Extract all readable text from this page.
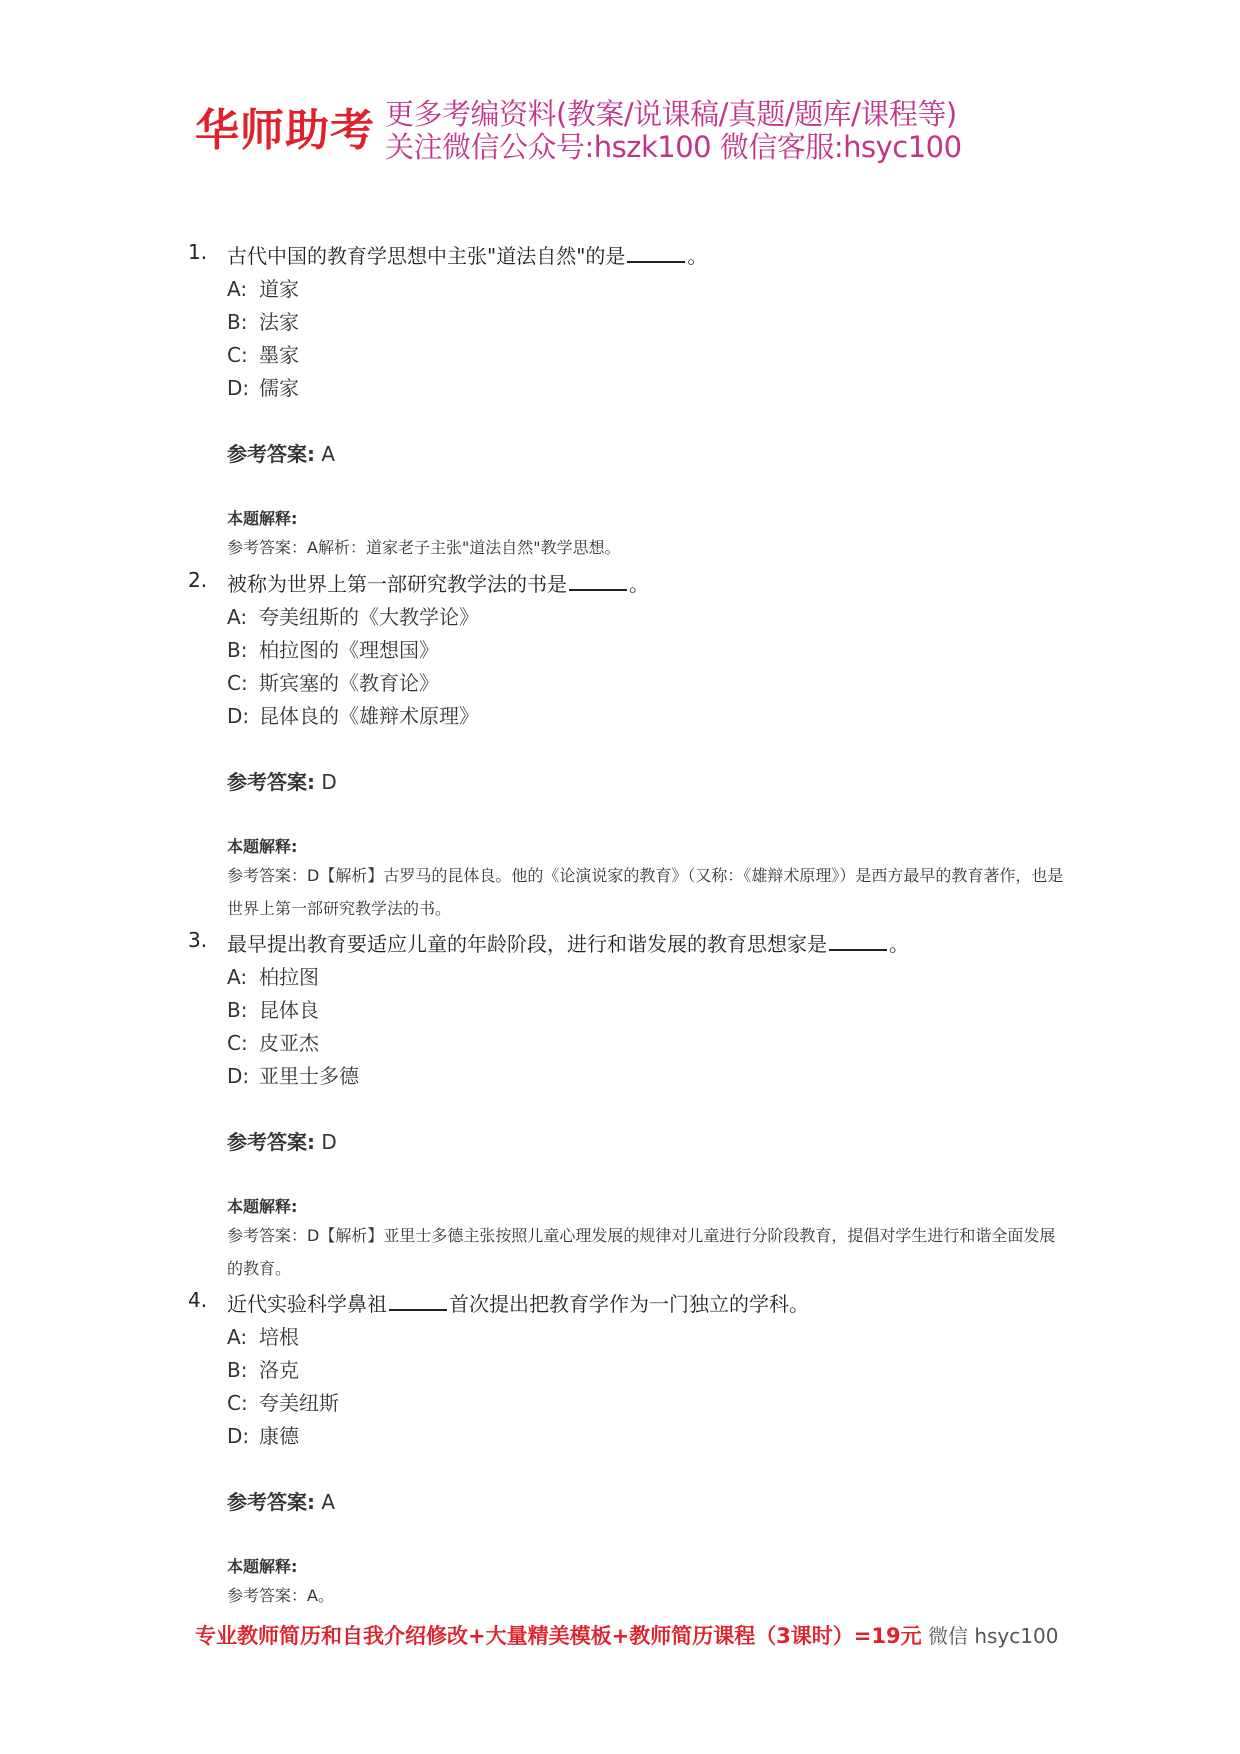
华师助考 更多考编资料(教案/说课稿/真题/题库/课程等)
关注微信公众号:hszk100 微信客服:hsyc100
1. 古代中国的教育学思想中主张"道法自然"的是	。
A: 道家
B: 法家
C: 墨家
D: 儒家
参考答案: A
本题解释:
参考答案：A解析：道家老子主张"道法自然"教学思想。
2. 被称为世界上第一部研究教学法的书是	。
A: 夸美纽斯的《大教学论》
B: 柏拉图的《理想国》
C: 斯宾塞的《教育论》
D: 昆体良的《雄辩术原理》
参考答案: D
本题解释:
参考答案：D【解析】古罗马的昆体良。他的《论演说家的教育》（又称：《雄辩术原理》）是西方最早的教育著作，也是世界上第一部研究教学法的书。
3. 最早提出教育要适应儿童的年龄阶段，进行和谐发展的教育思想家是	。
A: 柏拉图
B: 昆体良
C: 皮亚杰
D: 亚里士多德
参考答案: D
本题解释:
参考答案：D【解析】亚里士多德主张按照儿童心理发展的规律对儿童进行分阶段教育，提倡对学生进行和谐全面发展的教育。
4. 近代实验科学鼻祖	首次提出把教育学作为一门独立的学科。
A: 培根
B: 洛克
C: 夸美纽斯
D: 康德
参考答案: A
本题解释:
参考答案：A。
专业教师简历和自我介绍修改+大量精美模板+教师简历课程（3课时）=19元 微信 hsyc100
